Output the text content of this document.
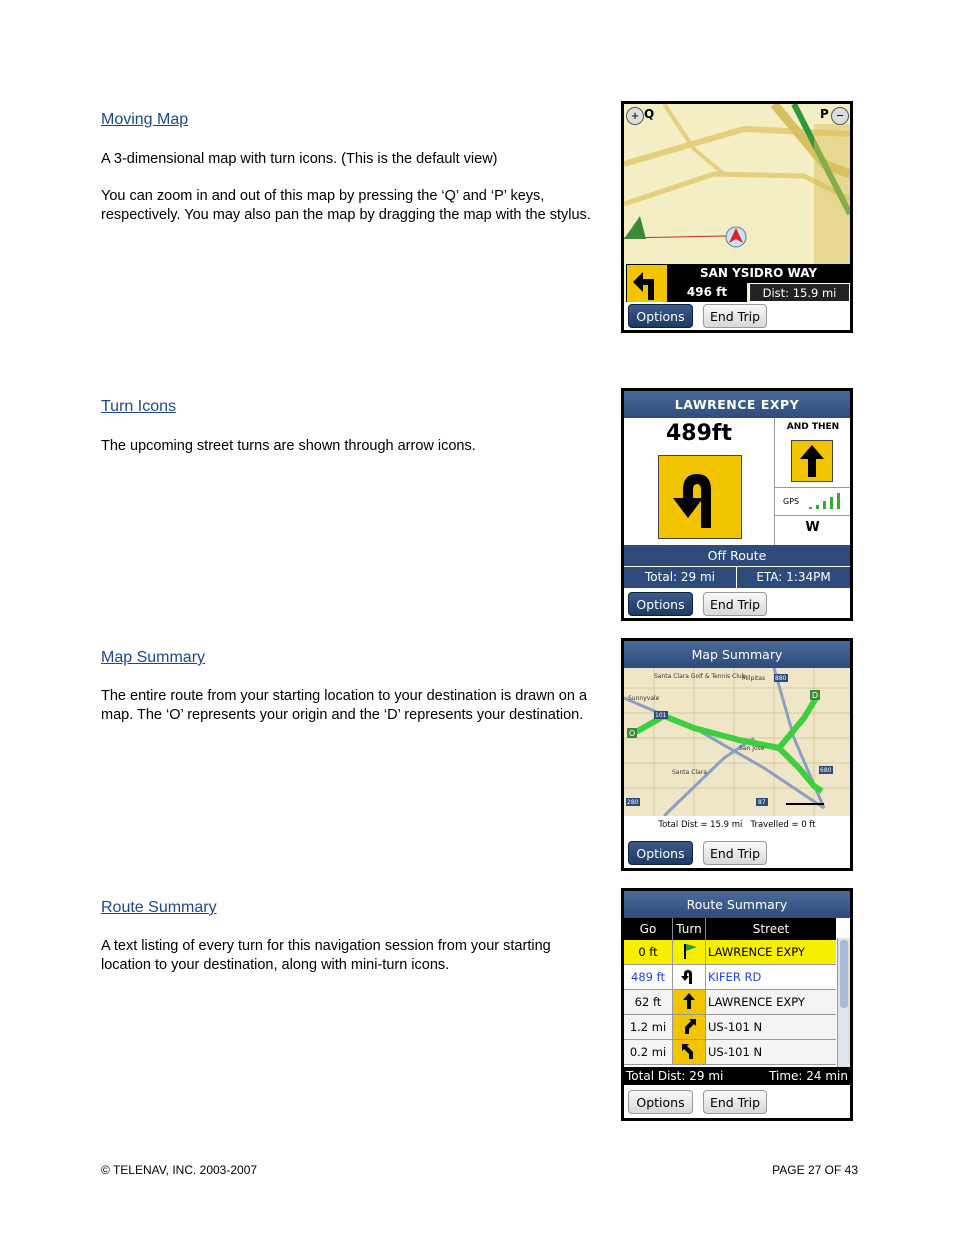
Moving Map

A 3-dimensional map with turn icons. (This is the default view)

You can zoom in and out of this map by pressing the ‘Q’ and ‘P’ keys, respectively. You may also pan the map by dragging the map with the stylus.

+ Q	P −
SAN YSIDRO WAY
496 ft	Dist: 15.9 mi
Options	End Trip
Turn Icons

The upcoming street turns are shown through arrow icons.

LAWRENCE EXPY
489ft	AND THEN
GPS
W
Off Route
Total: 29 mi	ETA: 1:34PM
Options	End Trip
Map Summary

The entire route from your starting location to your destination is drawn on a map. The ‘O’ represents your origin and the ‘D’ represents your destination.

Map Summary
O
D
Santa Clara Golf & Tennis Club
Sunnyvale
Milpitas
San Jose
Santa Clara
101
880
680
280	87
Total Dist = 15.9 mi   Travelled = 0 ft
Options	End Trip
Route Summary

A text listing of every turn for this navigation session from your starting location to your destination, along with mini-turn icons.

Route Summary
Go	Turn	Street
0 ft		LAWRENCE EXPY
489 ft		KIFER RD
62 ft		LAWRENCE EXPY
1.2 mi		US-101 N
0.2 mi		US-101 N
Total Dist: 29 mi	Time: 24 min
Options	End Trip
© TELENAV, INC. 2003-2007	PAGE 27 OF 43
